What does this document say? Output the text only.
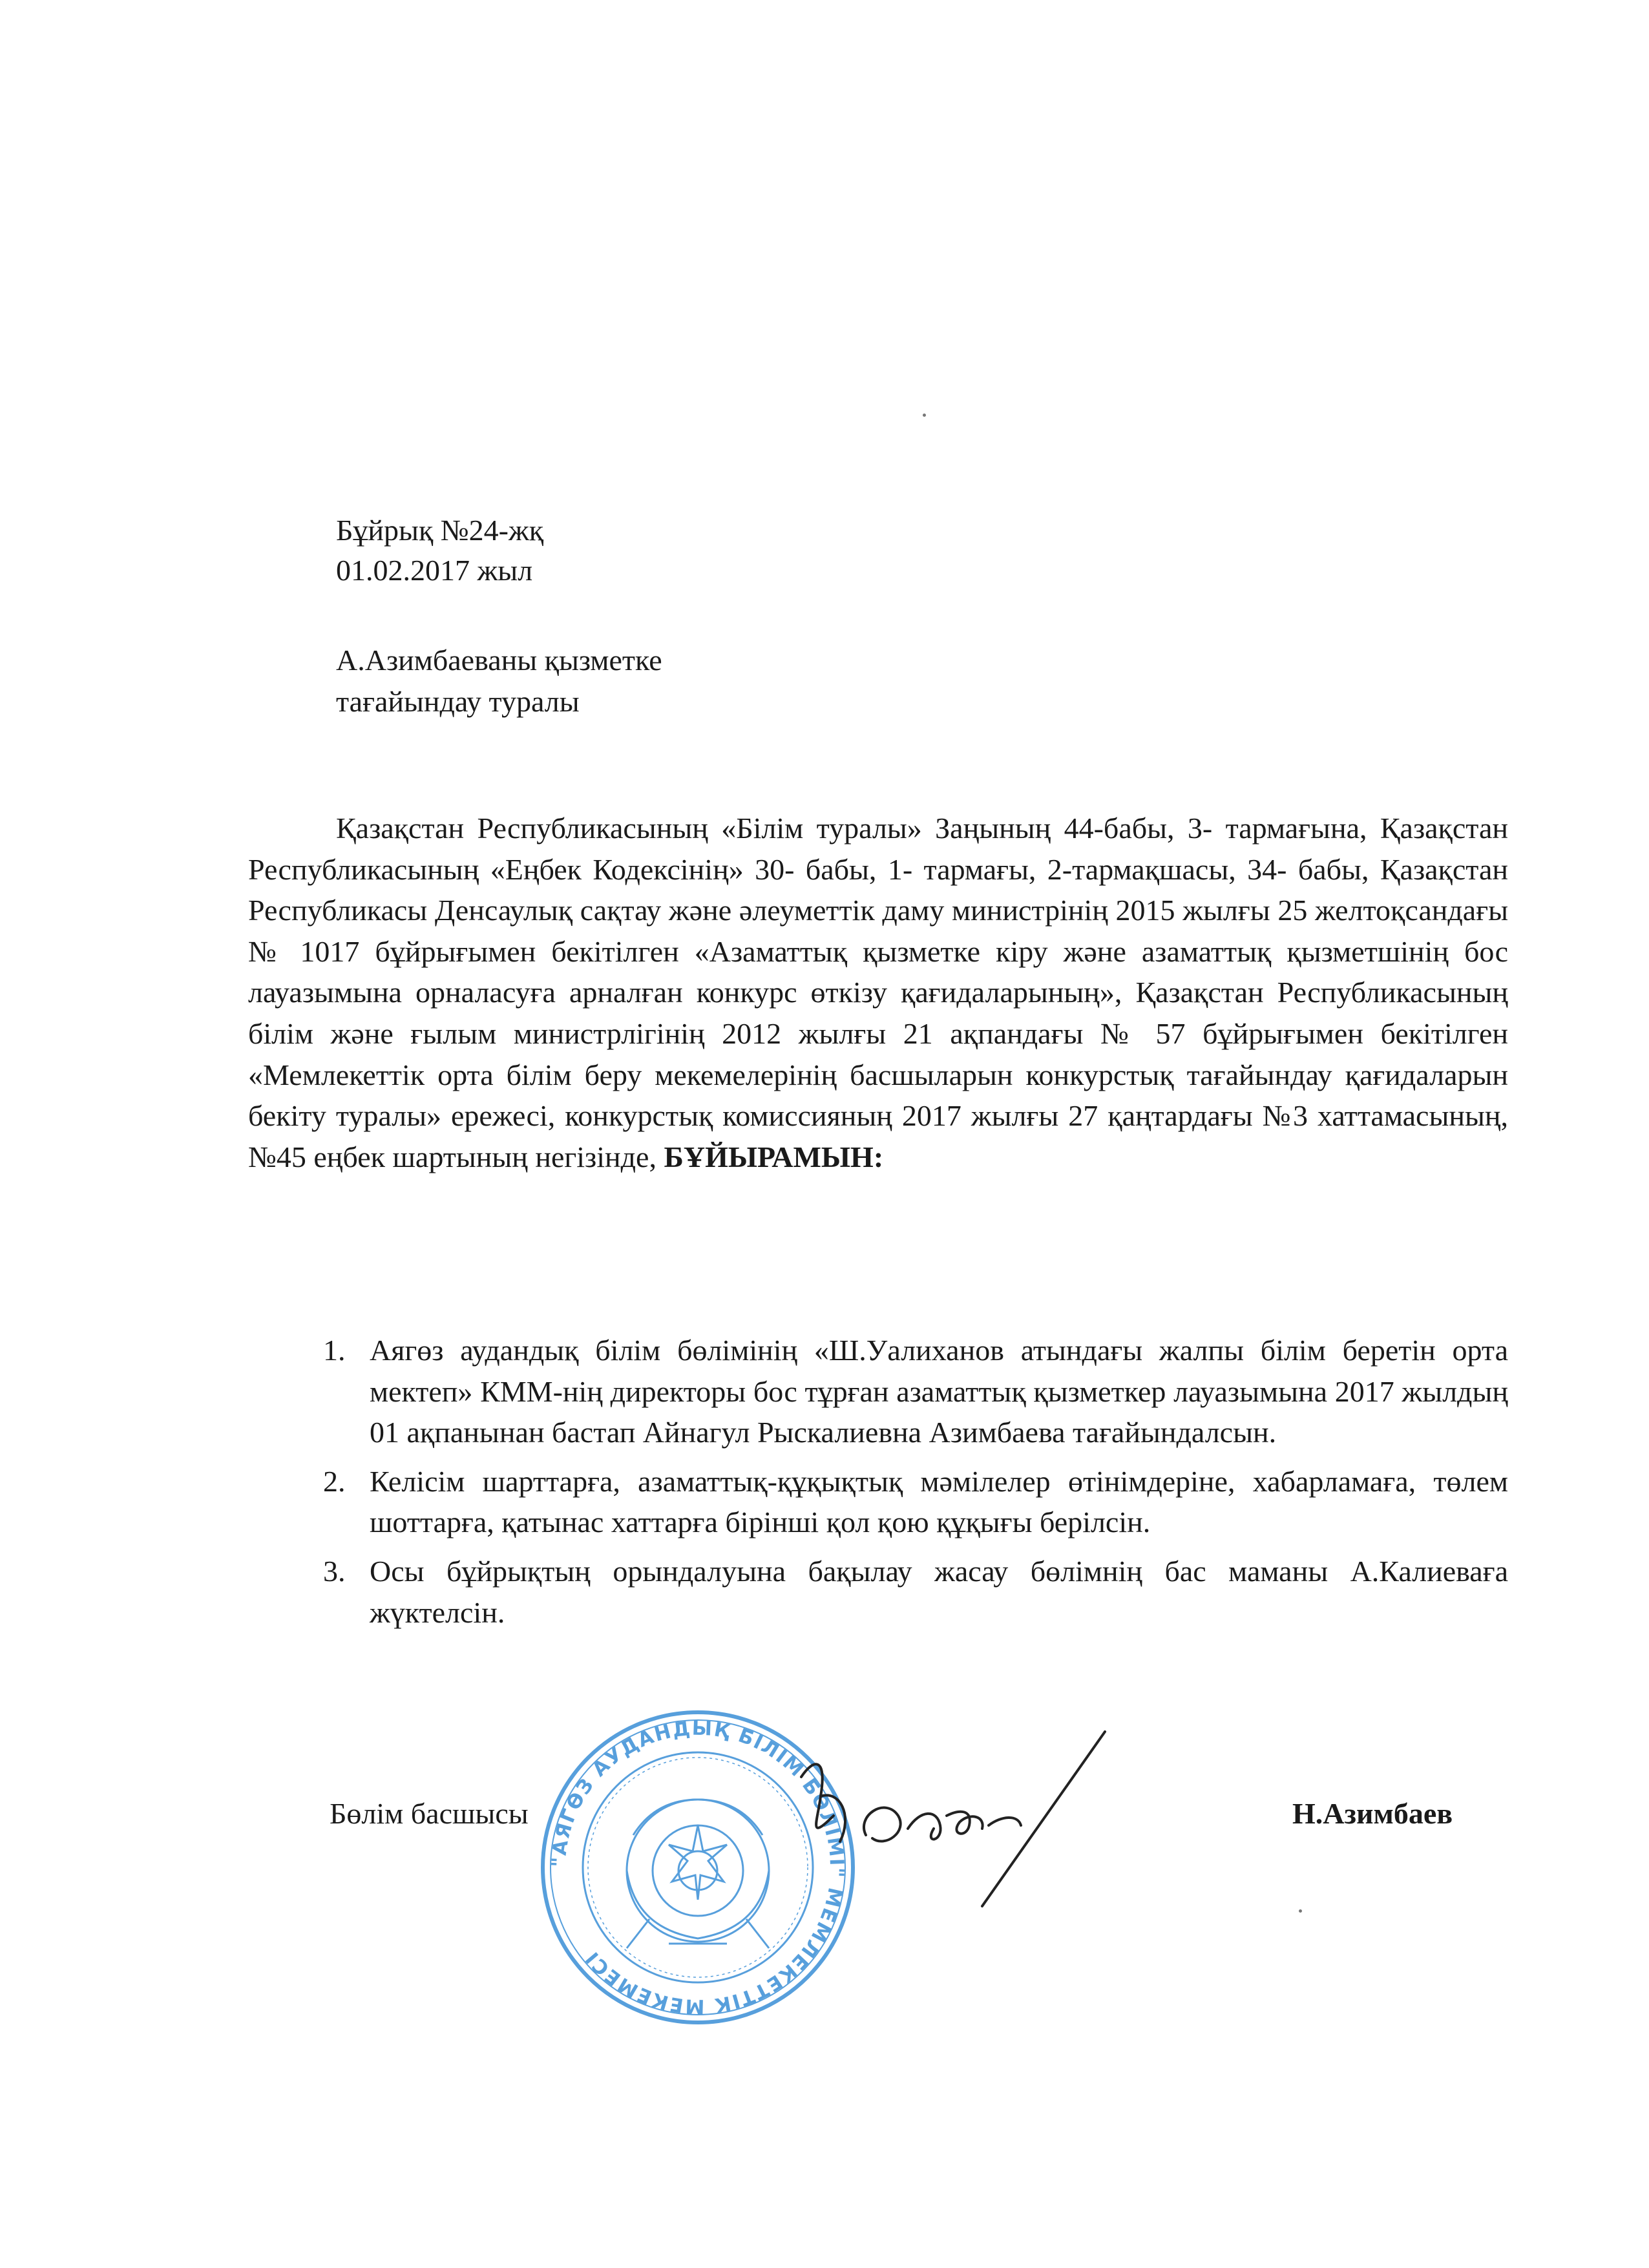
Бұйрық №24-жқ
01.02.2017 жыл
А.Азимбаеваны қызметке
тағайындау туралы

Қазақстан Республикасының «Білім туралы» Заңының 44-бабы, 3- тармағына, Қазақстан Республикасының «Еңбек Кодексінің» 30- бабы, 1- тармағы, 2-тармақшасы, 34- бабы, Қазақстан Республикасы Денсаулық сақтау және әлеуметтік даму министрінің 2015 жылғы 25 желтоқсандағы № 1017 бұйрығымен бекітілген «Азаматтық қызметке кіру және азаматтық қызметшінің бос лауазымына орналасуға арналған конкурс өткізу қағидаларының», Қазақстан Республикасының білім және ғылым министрлігінің 2012 жылғы 21 ақпандағы № 57 бұйрығымен бекітілген «Мемлекеттік орта білім беру мекемелерінің басшыларын конкурстық тағайындау қағидаларын бекіту туралы» ережесі, конкурстық комиссияның 2017 жылғы 27 қаңтардағы №3 хаттамасының, №45 еңбек шартының негізінде, БҰЙЫРАМЫН:

1. Аягөз аудандық білім бөлімінің «Ш.Уалиханов атындағы жалпы білім беретін орта мектеп» КММ-нің директоры бос тұрған азаматтық қызметкер лауазымына 2017 жылдың 01 ақпанынан бастап Айнагул Рыскалиевна Азимбаева тағайындалсын.
2. Келісім шарттарға, азаматтық-құқықтық мәмілелер өтінімдеріне, хабарламаға, төлем шоттарға, қатынас хаттарға бірінші қол қою құқығы берілсін.
3. Осы бұйрықтың орындалуына бақылау жасау бөлімнің бас маманы А.Калиеваға жүктелсін.
"АЯГӨЗ АУДАНДЫҚ БІЛІМ БӨЛІМІ" МЕМЛЕКЕТТІК МЕКЕМЕСІ
Бөлім басшысы	Н.Азимбаев
